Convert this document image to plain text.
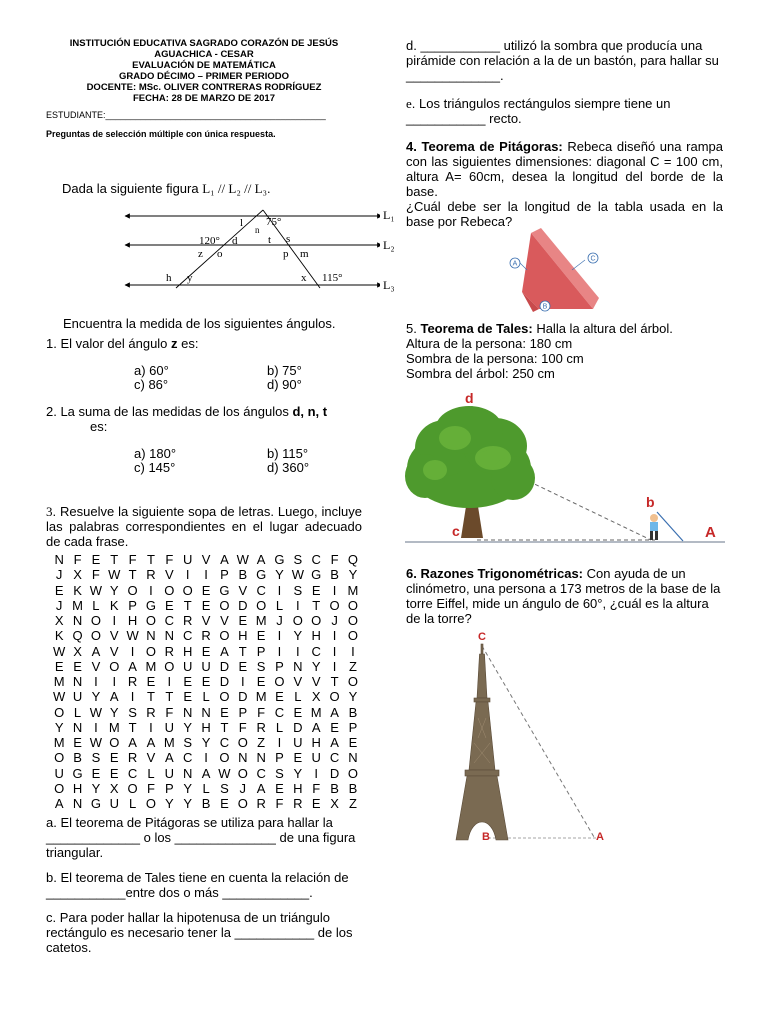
INSTITUCIÓN EDUCATIVA SAGRADO CORAZÓN DE JESÚS
AGUACHICA - CESAR
EVALUACIÓN DE MATEMÁTICA
GRADO DÉCIMO – PRIMER PERIODO
DOCENTE: MSc. OLIVER CONTRERAS RODRÍGUEZ
FECHA: 28 DE MARZO DE 2017
ESTUDIANTE:____________________________________________
Preguntas de selección múltiple con única respuesta.
Dada la siguiente figura L₁ // L₂ // L₃.
l 75°
n
120° d	t s
z o	p m
h y	x 115°
L₁
L₂
L₃
Encuentra la medida de los siguientes ángulos.
1. El valor del ángulo z es:
a) 60°	b) 75°
c) 86°	d) 90°
2. La suma de las medidas de los ángulos d, n, t
es:
a) 180°	b) 115°
c) 145°	d) 360°
3. Resuelve la siguiente sopa de letras. Luego, incluye las palabras correspondientes en el lugar adecuado de cada frase.
N F E T F T F U V A W A G S C F Q
J X F W T R V I	I P B G Y W G B Y
E K W Y O I O O E G V C I S E I M
J M L K P G E T E O D O L I T O O
X N O I H O C R V V E M J O O J O
K Q O V W N N C R O H E I Y H I O
W X A V I O R H E A T P I	I C I	I
E E V O A M O U U D E S P N Y I Z
M N I	I R E I E E D I E O V V T O
W U Y A I T T E L O D M E L X O Y
O L W Y S R F N N E P F C E M A B
Y N I M T I U Y H T F R L D A E P
M E W O A A M S Y C O Z I U H A E
O B S E R V A C I O N N P E U C N
U G E E C L U N A W O C S Y I D O
O H Y X O F P Y L S J A E H F B B
A N G U L O Y Y B E O R F R E X Z
a. El teorema de Pitágoras se utiliza para hallar la _____________ o los ______________ de una figura triangular.
b. El teorema de Tales tiene en cuenta la relación de ___________entre dos o más ____________.
c. Para poder hallar la hipotenusa de un triángulo rectángulo es necesario tener la ___________ de los catetos.
d. ___________ utilizó la sombra que producía una pirámide con relación a la de un bastón, para hallar su _____________.
e. Los triángulos rectángulos siempre tiene un ___________ recto.
4. Teorema de Pitágoras: Rebeca diseñó una rampa con las siguientes dimensiones: diagonal C = 100 cm, altura A= 60cm, desea la longitud del borde de la base.
¿Cuál debe ser la longitud de la tabla usada en la base por Rebeca?
A
C
B
5. Teorema de Tales: Halla la altura del árbol.
Altura de la persona: 180 cm
Sombra de la persona: 100 cm
Sombra del árbol: 250 cm
d
b
c	A
6. Razones Trigonométricas: Con ayuda de un clinómetro, una persona a 173 metros de la base de la torre Eiffel, mide un ángulo de 60°, ¿cuál es la altura de la torre?
C
B	A
